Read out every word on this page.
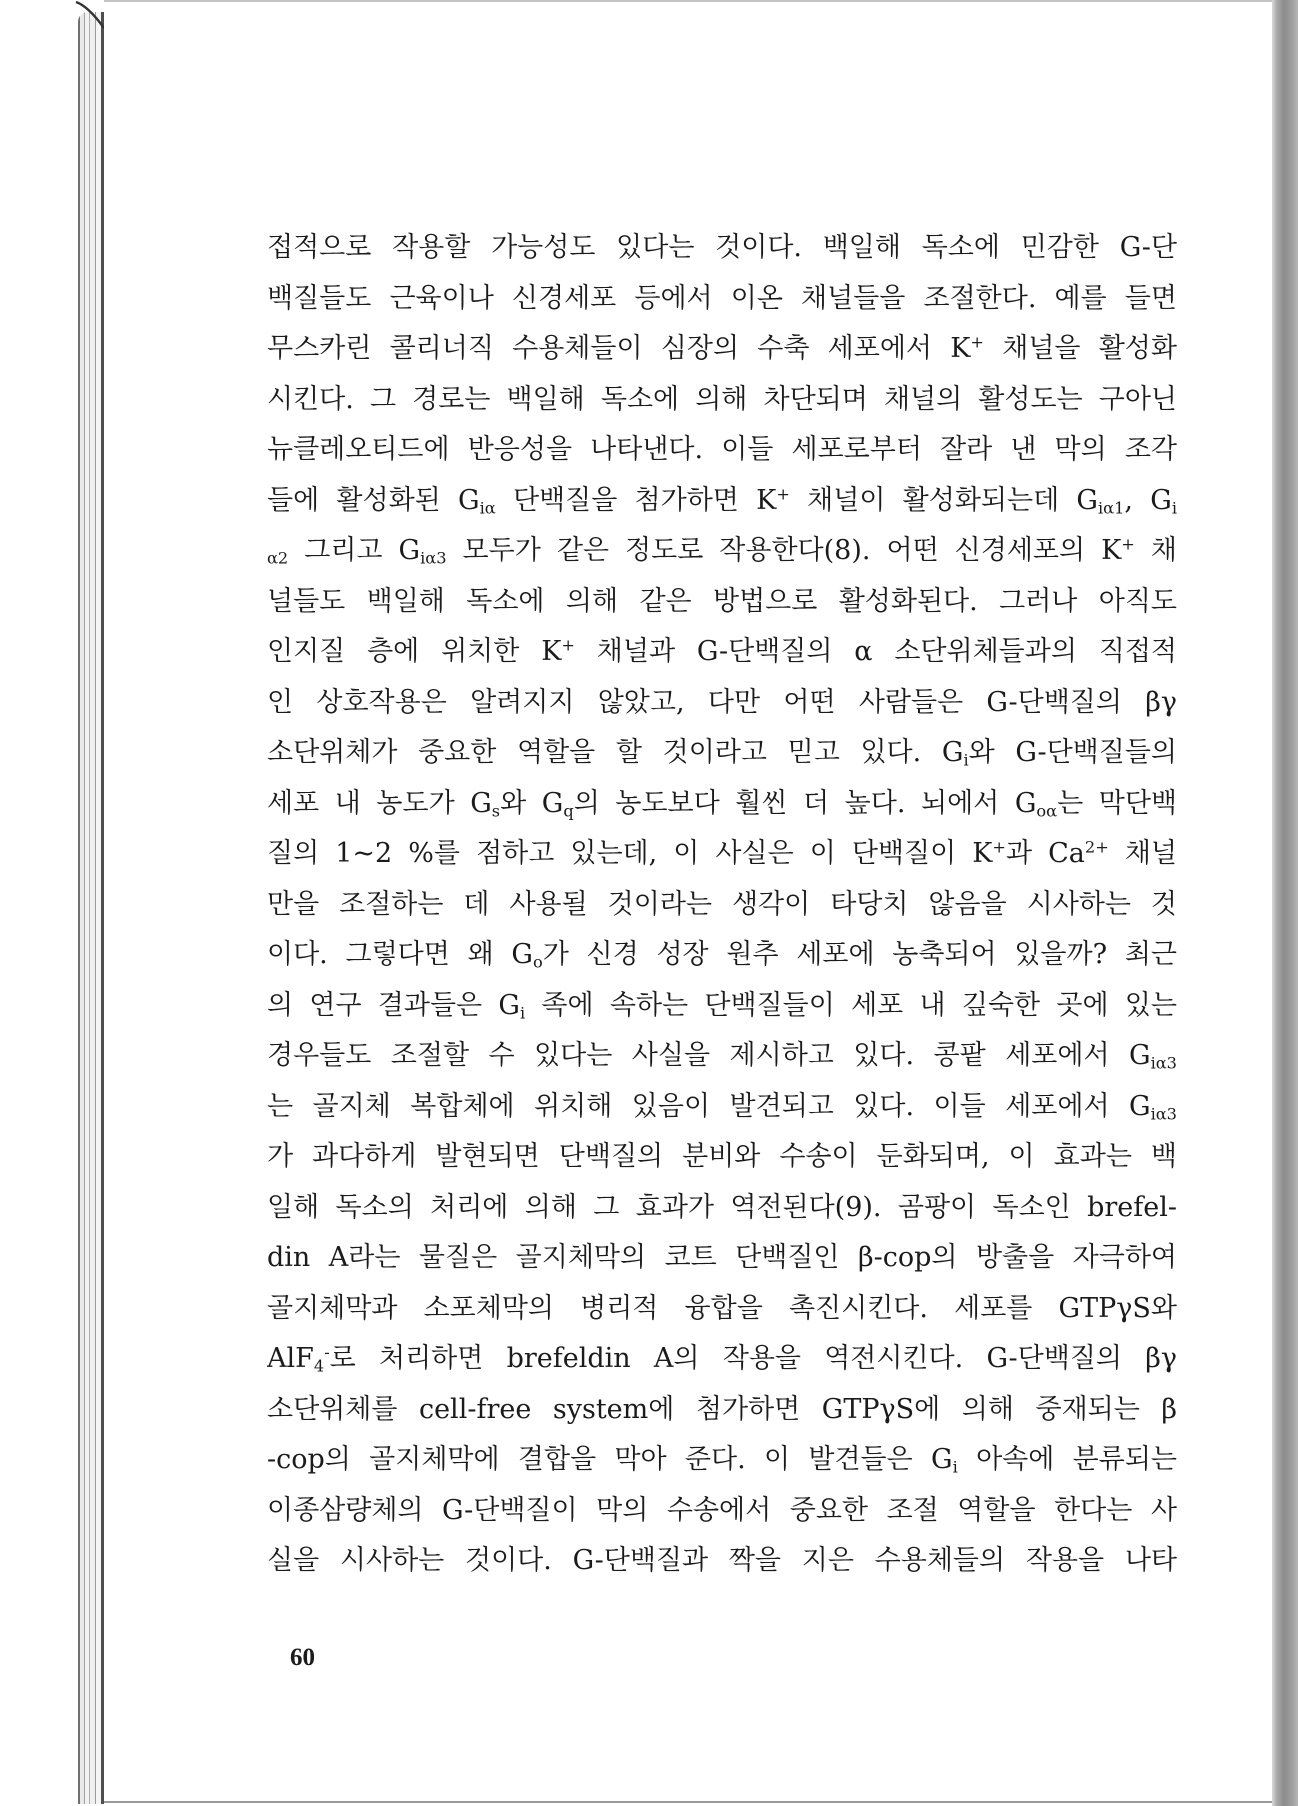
접적으로 작용할 가능성도 있다는 것이다. 백일해 독소에 민감한 G-단
백질들도 근육이나 신경세포 등에서 이온 채널들을 조절한다. 예를 들면
무스카린 콜리너직 수용체들이 심장의 수축 세포에서 K+ 채널을 활성화
시킨다. 그 경로는 백일해 독소에 의해 차단되며 채널의 활성도는 구아닌
뉴클레오티드에 반응성을 나타낸다. 이들 세포로부터 잘라 낸 막의 조각
들에 활성화된 $G_{i\alpha}$ 단백질을 첨가하면 K+ 채널이 활성화되는데 $G_{i\alpha 1}$, $G_i$
$_{\alpha 2}$ 그리고 $G_{i\alpha 3}$ 모두가 같은 정도로 작용한다(8). 어떤 신경세포의 K+ 채
널들도 백일해 독소에 의해 같은 방법으로 활성화된다. 그러나 아직도
인지질 층에 위치한 K+ 채널과 G-단백질의 α 소단위체들과의 직접적
인 상호작용은 알려지지 않았고, 다만 어떤 사람들은 G-단백질의 βγ
소단위체가 중요한 역할을 할 것이라고 믿고 있다. $G_i$와 G-단백질들의
세포 내 농도가 $G_s$와 $G_q$의 농도보다 훨씬 더 높다. 뇌에서 $G_{o\alpha}$는 막단백
질의 1~2 %를 점하고 있는데, 이 사실은 이 단백질이 K+과 $Ca^{2+}$ 채널
만을 조절하는 데 사용될 것이라는 생각이 타당치 않음을 시사하는 것
이다. 그렇다면 왜 $G_o$가 신경 성장 원추 세포에 농축되어 있을까? 최근
의 연구 결과들은 $G_i$ 족에 속하는 단백질들이 세포 내 깊숙한 곳에 있는
경우들도 조절할 수 있다는 사실을 제시하고 있다. 콩팥 세포에서 $G_{i\alpha 3}$
는 골지체 복합체에 위치해 있음이 발견되고 있다. 이들 세포에서 $G_{i\alpha 3}$
가 과다하게 발현되면 단백질의 분비와 수송이 둔화되며, 이 효과는 백
일해 독소의 처리에 의해 그 효과가 역전된다(9). 곰팡이 독소인 brefel-
din A라는 물질은 골지체막의 코트 단백질인 β-cop의 방출을 자극하여
골지체막과 소포체막의 병리적 융합을 촉진시킨다. 세포를 GTPγS와
AlF$_4$-로 처리하면 brefeldin A의 작용을 역전시킨다. G-단백질의 βγ
소단위체를 cell-free system에 첨가하면 GTPγS에 의해 중재되는 β
-cop의 골지체막에 결합을 막아 준다. 이 발견들은 $G_i$ 아속에 분류되는
이종삼량체의 G-단백질이 막의 수송에서 중요한 조절 역할을 한다는 사
실을 시사하는 것이다. G-단백질과 짝을 지은 수용체들의 작용을 나타
60
